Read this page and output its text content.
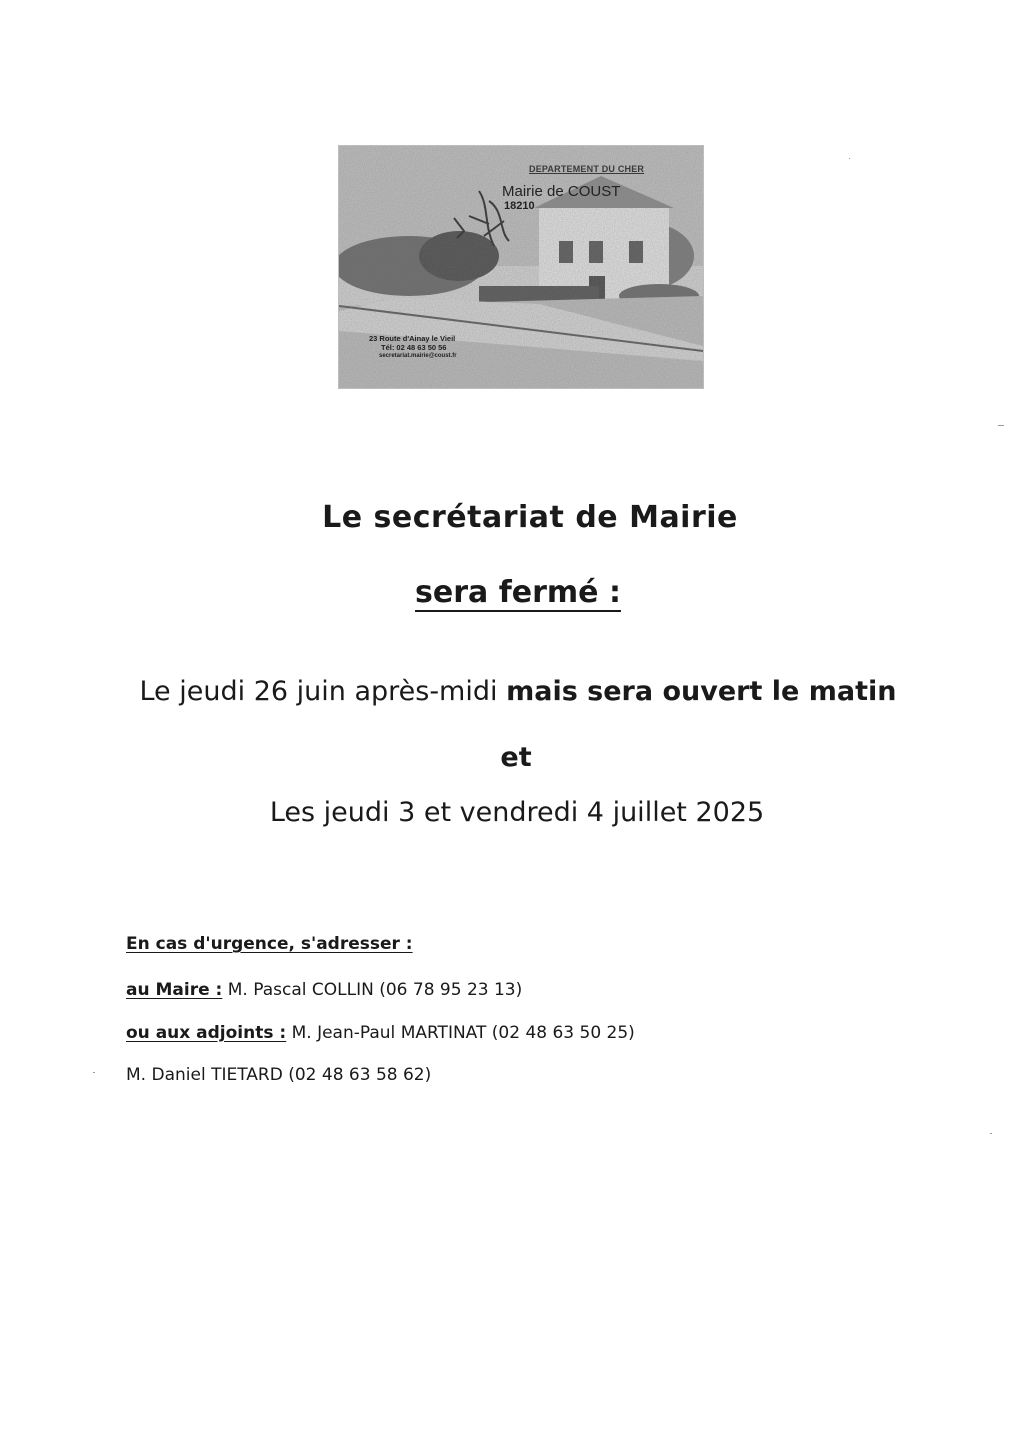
DEPARTEMENT DU CHER
Mairie de COUST
18210
23 Route d'Ainay le Vieil
Tél: 02 48 63 50 56
secretariat.mairie@coust.fr
Le secrétariat de Mairie
sera fermé :
Le jeudi 26 juin après-midi mais sera ouvert le matin
et
Les jeudi 3 et vendredi 4 juillet 2025
En cas d'urgence, s'adresser :
au Maire : M. Pascal COLLIN (06 78 95 23 13)
ou aux adjoints : M. Jean-Paul MARTINAT (02 48 63 50 25)
M. Daniel TIETARD (02 48 63 58 62)
